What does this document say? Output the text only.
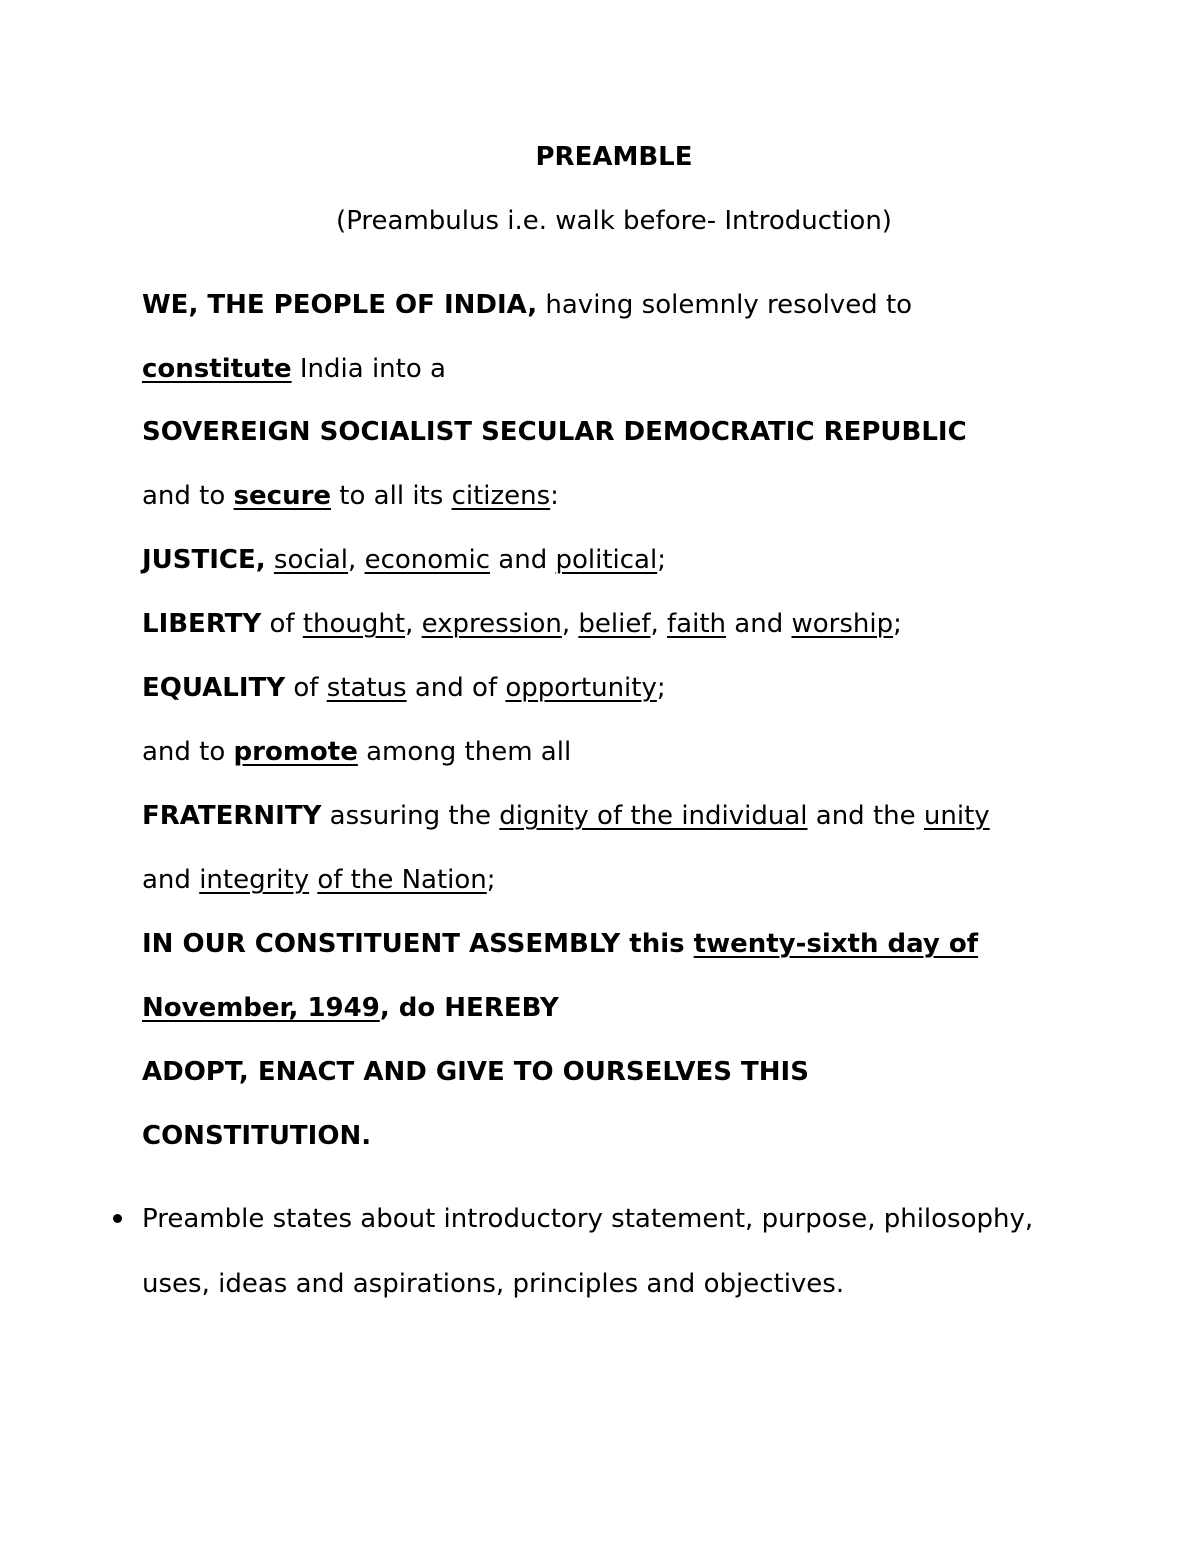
PREAMBLE
(Preambulus i.e. walk before- Introduction)
WE, THE PEOPLE OF INDIA, having solemnly resolved to
constitute India into a
SOVEREIGN SOCIALIST SECULAR DEMOCRATIC REPUBLIC
and to secure to all its citizens:
JUSTICE, social, economic and political;
LIBERTY of thought, expression, belief, faith and worship;
EQUALITY of status and of opportunity;
and to promote among them all
FRATERNITY assuring the dignity of the individual and the unity
and integrity of the Nation;
IN OUR CONSTITUENT ASSEMBLY this twenty-sixth day of
November, 1949, do HEREBY
ADOPT, ENACT AND GIVE TO OURSELVES THIS
CONSTITUTION.
Preamble states about introductory statement, purpose, philosophy,
uses, ideas and aspirations, principles and objectives.
